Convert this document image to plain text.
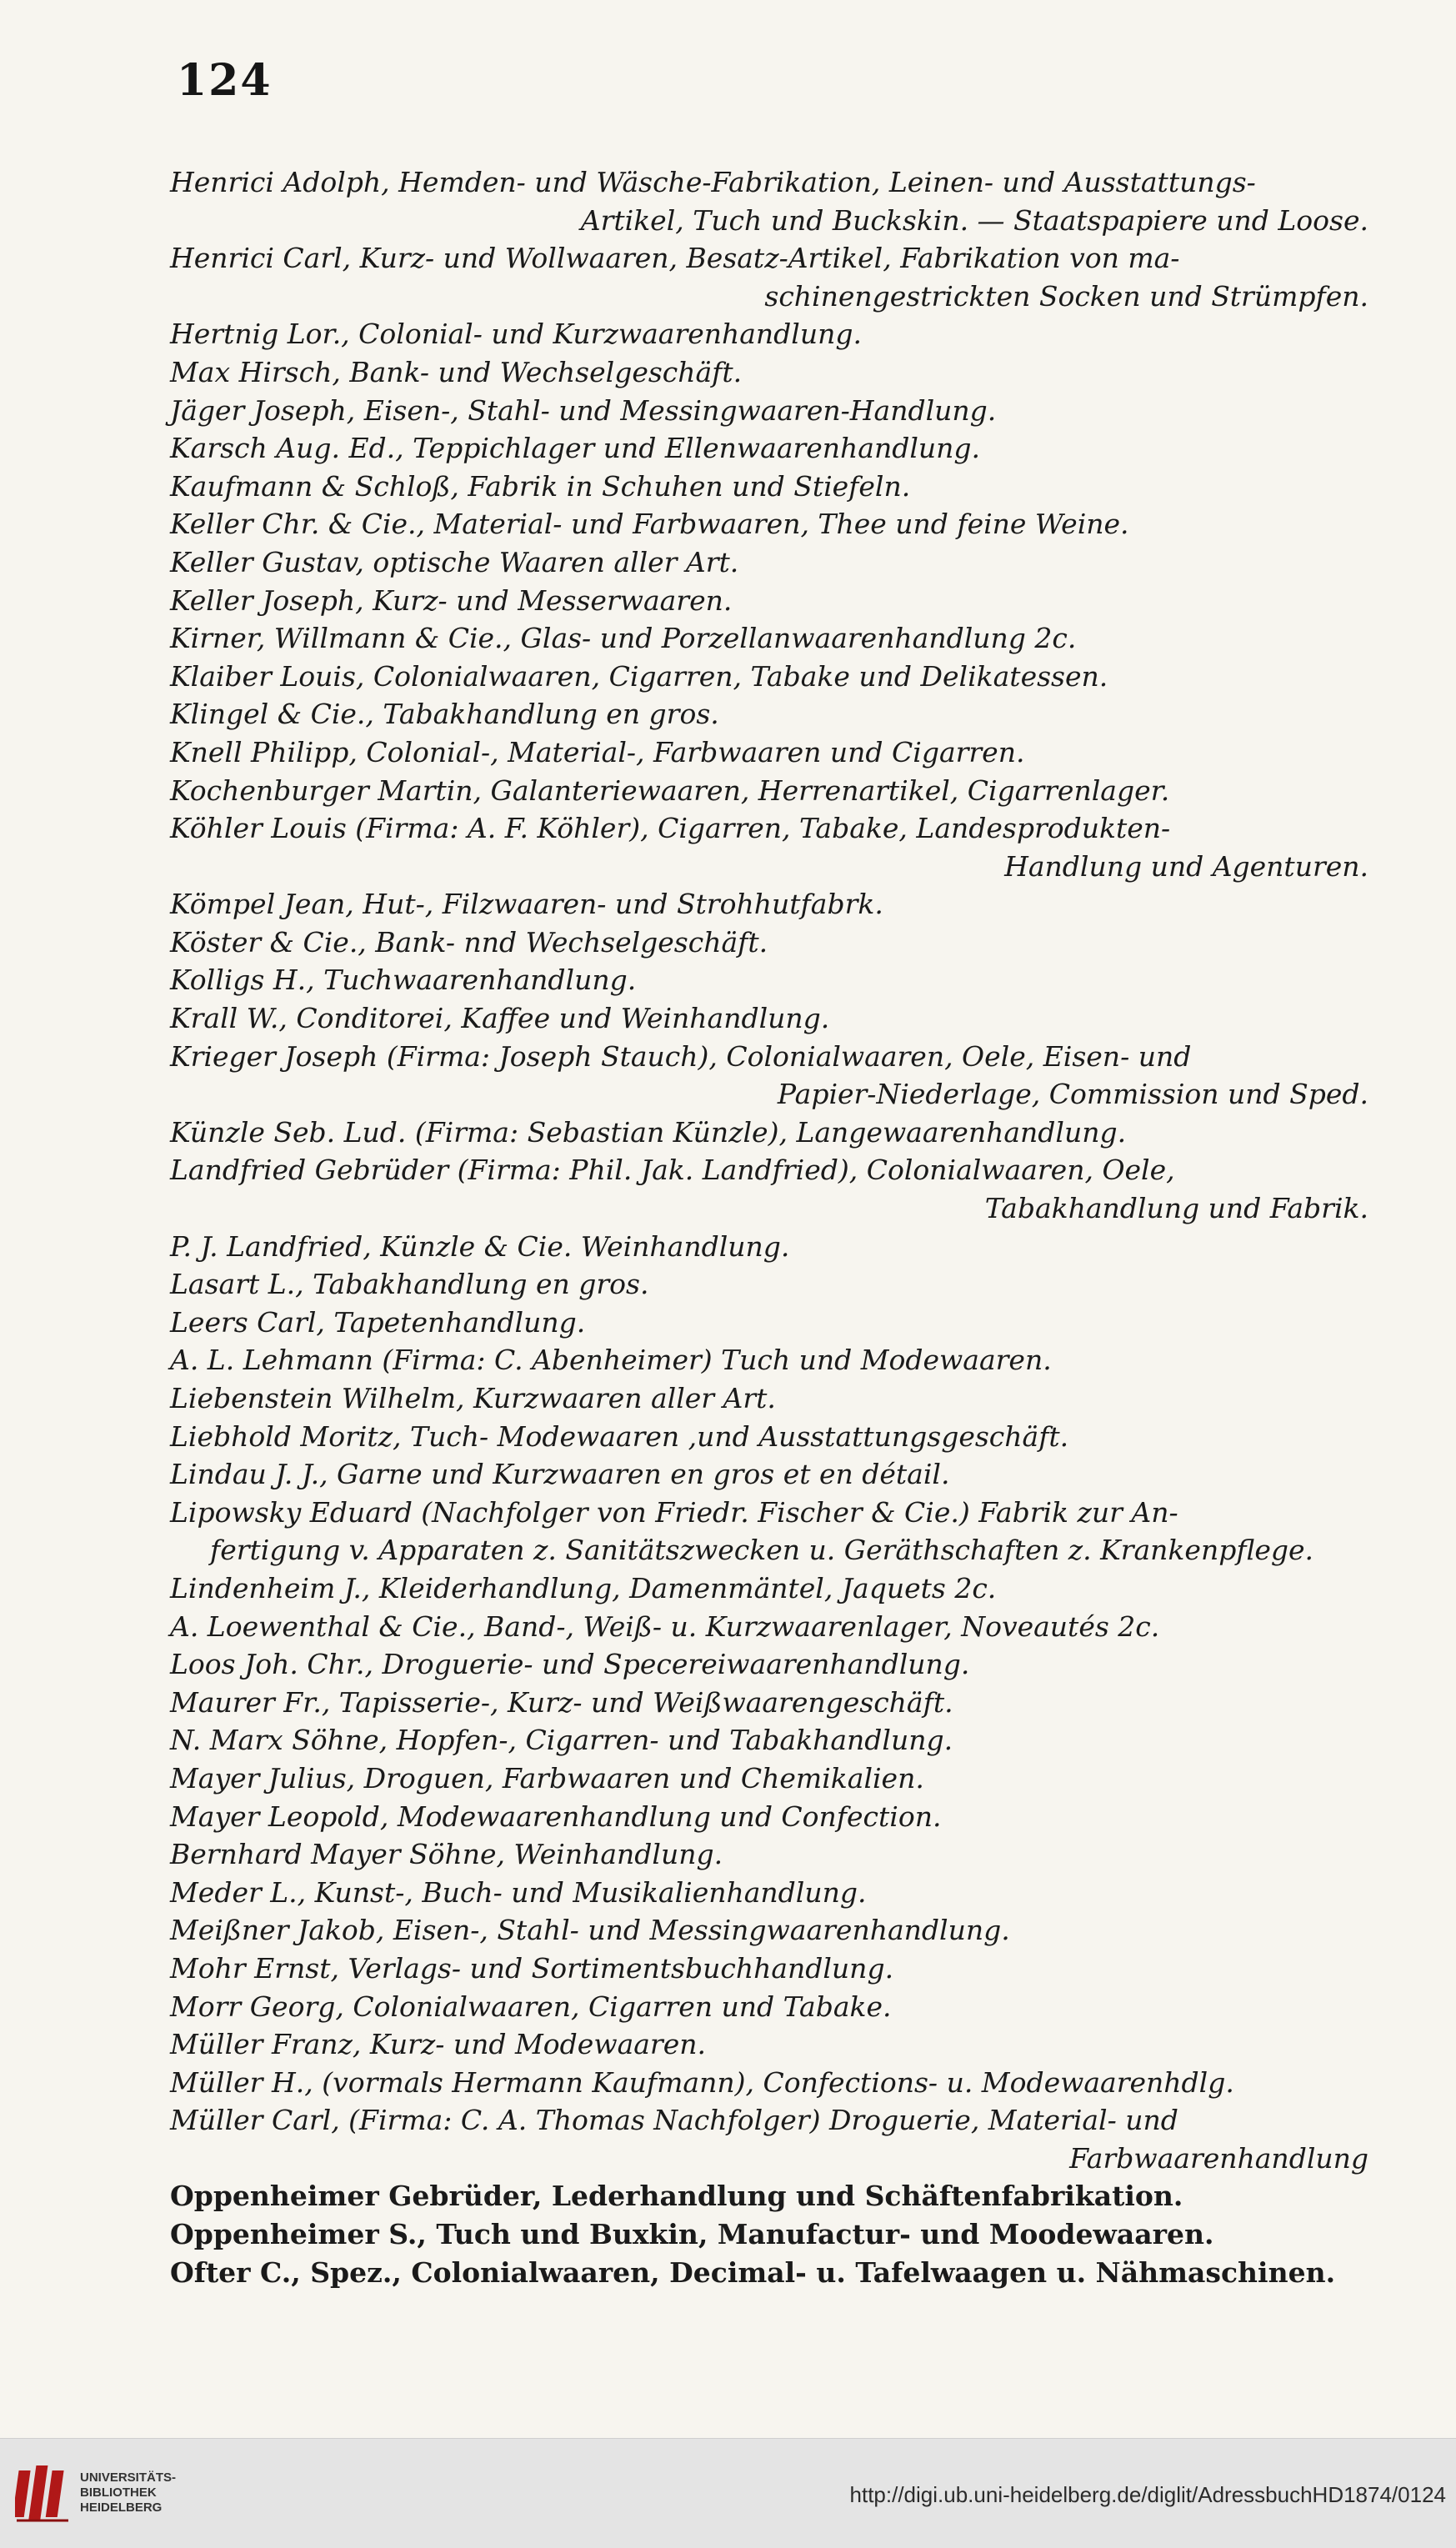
124
Henrici Adolph, Hemden- und Wäsche-Fabrikation, Leinen- und Ausstattungs-
Artikel, Tuch und Buckskin. — Staatspapiere und Loose.
Henrici Carl, Kurz- und Wollwaaren, Besatz-Artikel, Fabrikation von ma-
schinengestrickten Socken und Strümpfen.
Hertnig Lor., Colonial- und Kurzwaarenhandlung.
Max Hirsch, Bank- und Wechselgeschäft.
Jäger Joseph, Eisen-, Stahl- und Messingwaaren-Handlung.
Karsch Aug. Ed., Teppichlager und Ellenwaarenhandlung.
Kaufmann & Schloß, Fabrik in Schuhen und Stiefeln.
Keller Chr. & Cie., Material- und Farbwaaren, Thee und feine Weine.
Keller Gustav, optische Waaren aller Art.
Keller Joseph, Kurz- und Messerwaaren.
Kirner, Willmann & Cie., Glas- und Porzellanwaarenhandlung 2c.
Klaiber Louis, Colonialwaaren, Cigarren, Tabake und Delikatessen.
Klingel & Cie., Tabakhandlung en gros.
Knell Philipp, Colonial-, Material-, Farbwaaren und Cigarren.
Kochenburger Martin, Galanteriewaaren, Herrenartikel, Cigarrenlager.
Köhler Louis (Firma: A. F. Köhler), Cigarren, Tabake, Landesprodukten-
Handlung und Agenturen.
Kömpel Jean, Hut-, Filzwaaren- und Strohhutfabrk.
Köster & Cie., Bank- nnd Wechselgeschäft.
Kolligs H., Tuchwaarenhandlung.
Krall W., Conditorei, Kaffee und Weinhandlung.
Krieger Joseph (Firma: Joseph Stauch), Colonialwaaren, Oele, Eisen- und
Papier-Niederlage, Commission und Sped.
Künzle Seb. Lud. (Firma: Sebastian Künzle), Langewaarenhandlung.
Landfried Gebrüder (Firma: Phil. Jak. Landfried), Colonialwaaren, Oele,
Tabakhandlung und Fabrik.
P. J. Landfried, Künzle & Cie. Weinhandlung.
Lasart L., Tabakhandlung en gros.
Leers Carl, Tapetenhandlung.
A. L. Lehmann (Firma: C. Abenheimer) Tuch und Modewaaren.
Liebenstein Wilhelm, Kurzwaaren aller Art.
Liebhold Moritz, Tuch- Modewaaren ,und Ausstattungsgeschäft.
Lindau J. J., Garne und Kurzwaaren en gros et en détail.
Lipowsky Eduard (Nachfolger von Friedr. Fischer & Cie.) Fabrik zur An-
fertigung v. Apparaten z. Sanitätszwecken u. Geräthschaften z. Krankenpflege.
Lindenheim J., Kleiderhandlung, Damenmäntel, Jaquets 2c.
A. Loewenthal & Cie., Band-, Weiß- u. Kurzwaarenlager, Noveautés 2c.
Loos Joh. Chr., Droguerie- und Specereiwaarenhandlung.
Maurer Fr., Tapisserie-, Kurz- und Weißwaarengeschäft.
N. Marx Söhne, Hopfen-, Cigarren- und Tabakhandlung.
Mayer Julius, Droguen, Farbwaaren und Chemikalien.
Mayer Leopold, Modewaarenhandlung und Confection.
Bernhard Mayer Söhne, Weinhandlung.
Meder L., Kunst-, Buch- und Musikalienhandlung.
Meißner Jakob, Eisen-, Stahl- und Messingwaarenhandlung.
Mohr Ernst, Verlags- und Sortimentsbuchhandlung.
Morr Georg, Colonialwaaren, Cigarren und Tabake.
Müller Franz, Kurz- und Modewaaren.
Müller H., (vormals Hermann Kaufmann), Confections- u. Modewaarenhdlg.
Müller Carl, (Firma: C. A. Thomas Nachfolger) Droguerie, Material- und
Farbwaarenhandlung
Oppenheimer Gebrüder, Lederhandlung und Schäftenfabrikation.
Oppenheimer S., Tuch und Buxkin, Manufactur- und Moodewaaren.
Ofter C., Spez., Colonialwaaren, Decimal- u. Tafelwaagen u. Nähmaschinen.
UNIVERSITÄTS-
BIBLIOTHEK
HEIDELBERG
http://digi.ub.uni-heidelberg.de/diglit/AdressbuchHD1874/0124
